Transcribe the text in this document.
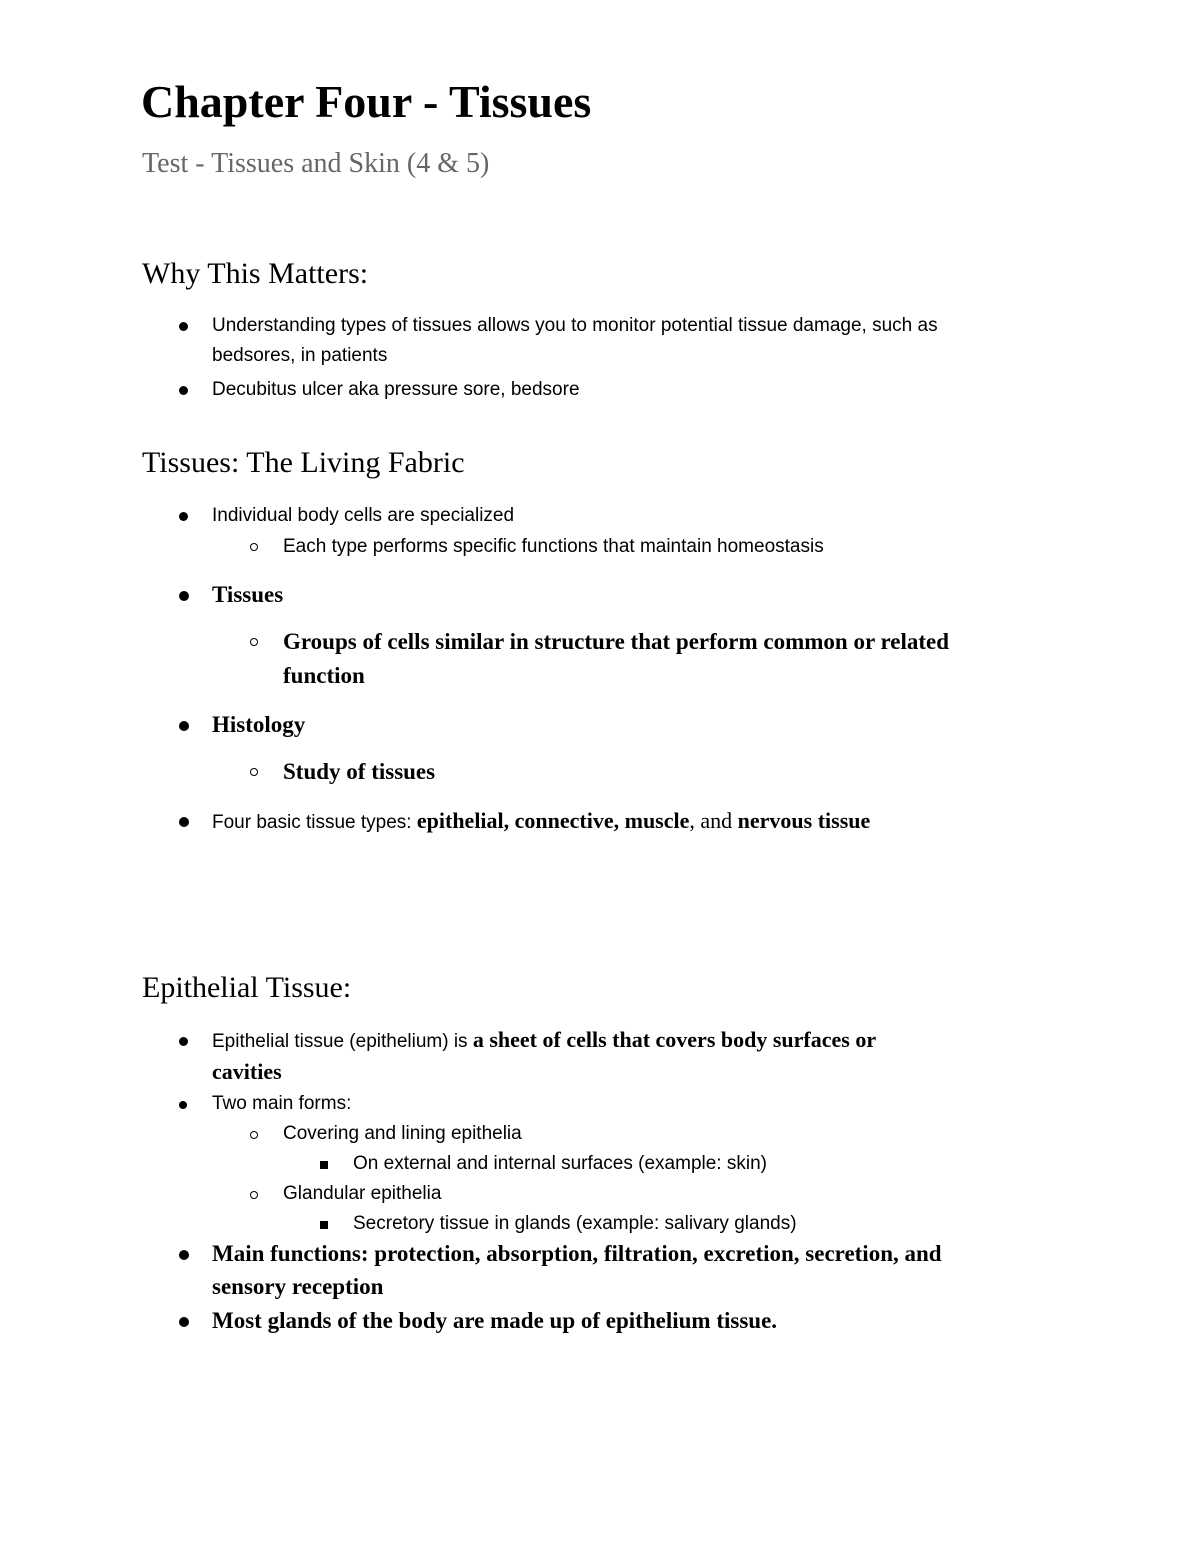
Chapter Four - Tissues
Test - Tissues and Skin (4 & 5)
Why This Matters:
Understanding types of tissues allows you to monitor potential tissue damage, such as
bedsores, in patients
Decubitus ulcer aka pressure sore, bedsore
Tissues: The Living Fabric
Individual body cells are specialized
Each type performs specific functions that maintain homeostasis
Tissues
Groups of cells similar in structure that perform common or related
function
Histology
Study of tissues
Four basic tissue types: epithelial, connective, muscle, and nervous tissue
Epithelial Tissue:
Epithelial tissue (epithelium) is a sheet of cells that covers body surfaces or
cavities
Two main forms:
Covering and lining epithelia
On external and internal surfaces (example: skin)
Glandular epithelia
Secretory tissue in glands (example: salivary glands)
Main functions: protection, absorption, filtration, excretion, secretion, and
sensory reception
Most glands of the body are made up of epithelium tissue.
